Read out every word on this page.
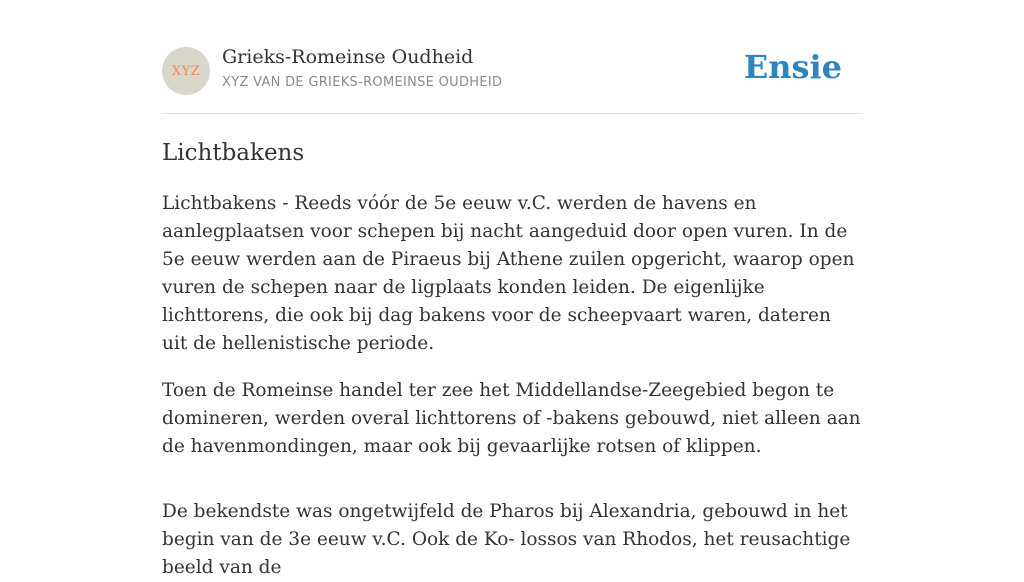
XYZ
Grieks-Romeinse Oudheid
XYZ VAN DE GRIEKS-ROMEINSE OUDHEID	Ensie
Lichtbakens

Lichtbakens - Reeds vóór de 5e eeuw v.C. werden de havens en aanlegplaatsen voor schepen bij nacht aangeduid door open vuren. In de 5e eeuw werden aan de Piraeus bij Athene zuilen opgericht, waarop open vuren de schepen naar de ligplaats konden leiden. De eigenlijke lichttorens, die ook bij dag bakens voor de scheepvaart waren, dateren uit de hellenistische periode.

Toen de Romeinse handel ter zee het Middellandse-Zeegebied begon te domineren, werden overal lichttorens of -bakens gebouwd, niet alleen aan de havenmondingen, maar ook bij gevaarlijke rotsen of klippen.

De bekendste was ongetwijfeld de Pharos bij Alexandria, gebouwd in het begin van de 3e eeuw v.C. Ook de Ko- lossos van Rhodos, het reusachtige beeld van de
